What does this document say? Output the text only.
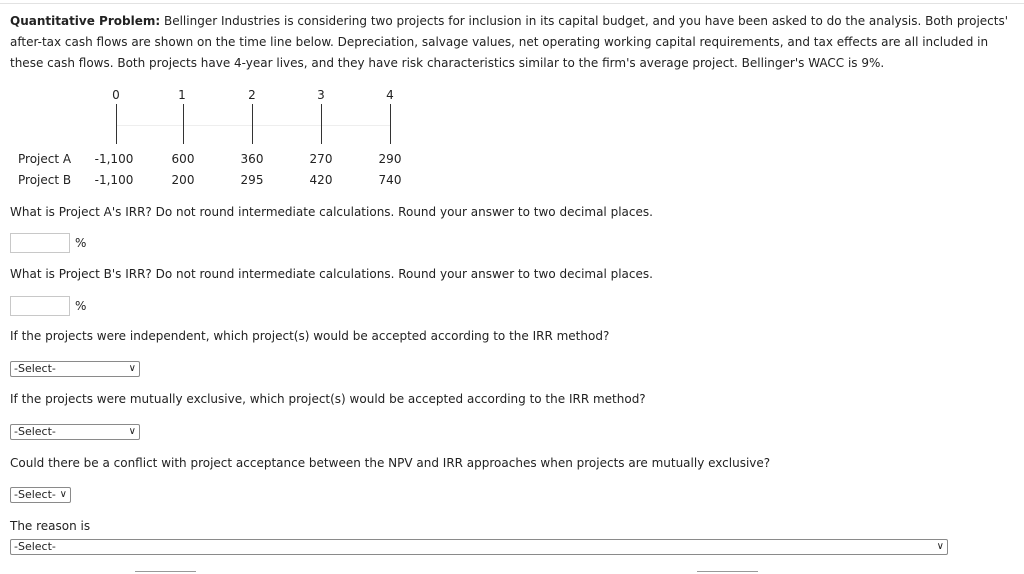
Quantitative Problem: Bellinger Industries is considering two projects for inclusion in its capital budget, and you have been asked to do the analysis. Both projects' after-tax cash flows are shown on the time line below. Depreciation, salvage values, net operating working capital requirements, and tax effects are all included in these cash flows. Both projects have 4-year lives, and they have risk characteristics similar to the firm's average project. Bellinger's WACC is 9%.

0	1	2	3	4
Project A	-1,100	600	360	270	290
Project B	-1,100	200	295	420	740

What is Project A's IRR? Do not round intermediate calculations. Round your answer to two decimal places.

%

What is Project B's IRR? Do not round intermediate calculations. Round your answer to two decimal places.

%

If the projects were independent, which project(s) would be accepted according to the IRR method?

-Select-	∨

If the projects were mutually exclusive, which project(s) would be accepted according to the IRR method?

-Select-	∨

Could there be a conflict with project acceptance between the NPV and IRR approaches when projects are mutually exclusive?

-Select- ∨

The reason is

-Select-	∨
